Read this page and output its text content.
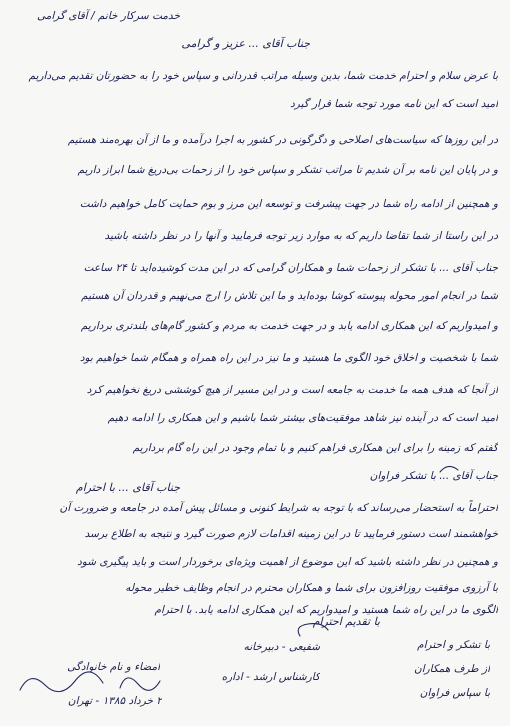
خدمت سرکار خانم / آقای گرامی
جناب آقای ... عزیز و گرامی
با عرض سلام و احترام خدمت شما، بدین وسیله مراتب قدردانی و سپاس خود را به حضورتان تقدیم می‌داریم
امید است که این نامه مورد توجه شما قرار گیرد
در این روزها که سیاست‌های اصلاحی و دگرگونی در کشور به اجرا درآمده و ما از آن بهره‌مند هستیم
و در پایان این نامه بر آن شدیم تا مراتب تشکر و سپاس خود را از زحمات بی‌دریغ شما ابراز داریم
و همچنین از ادامه راه شما در جهت پیشرفت و توسعه این مرز و بوم حمایت کامل خواهیم داشت
در این راستا از شما تقاضا داریم که به موارد زیر توجه فرمایید و آنها را در نظر داشته باشید
جناب آقای ... با تشکر از زحمات شما و همکاران گرامی که در این مدت کوشیده‌اید تا ۲۴ ساعت
شما در انجام امور محوله پیوسته کوشا بوده‌اید و ما این تلاش را ارج می‌نهیم و قدردان آن هستیم
و امیدواریم که این همکاری ادامه یابد و در جهت خدمت به مردم و کشور گام‌های بلندتری برداریم
شما با شخصیت و اخلاق خود الگوی ما هستید و ما نیز در این راه همراه و همگام شما خواهیم بود
از آنجا که هدف همه ما خدمت به جامعه است و در این مسیر از هیچ کوششی دریغ نخواهیم کرد
امید است که در آینده نیز شاهد موفقیت‌های بیشتر شما باشیم و این همکاری را ادامه دهیم
گفتم که زمینه را برای این همکاری فراهم کنیم و با تمام وجود در این راه گام برداریم
جناب آقای ... با تشکر فراوان
جناب آقای ... با احترام
احتراماً به استحضار می‌رساند که با توجه به شرایط کنونی و مسائل پیش آمده در جامعه و ضرورت آن
خواهشمند است دستور فرمایید تا در این زمینه اقدامات لازم صورت گیرد و نتیجه به اطلاع برسد
و همچنین در نظر داشته باشید که این موضوع از اهمیت ویژه‌ای برخوردار است و باید پیگیری شود
با آرزوی موفقیت روزافزون برای شما و همکاران محترم در انجام وظایف خطیر محوله
الگوی ما در این راه شما هستید و امیدواریم که این همکاری ادامه یابد. با احترام
با تقدیم احترام
با تشکر و احترام
از طرف همکاران
با سپاس فراوان
شفیعی - دبیرخانه
کارشناس ارشد - اداره
امضاء و نام خانوادگی
۲ خرداد ۱۳۸۵ - تهران
